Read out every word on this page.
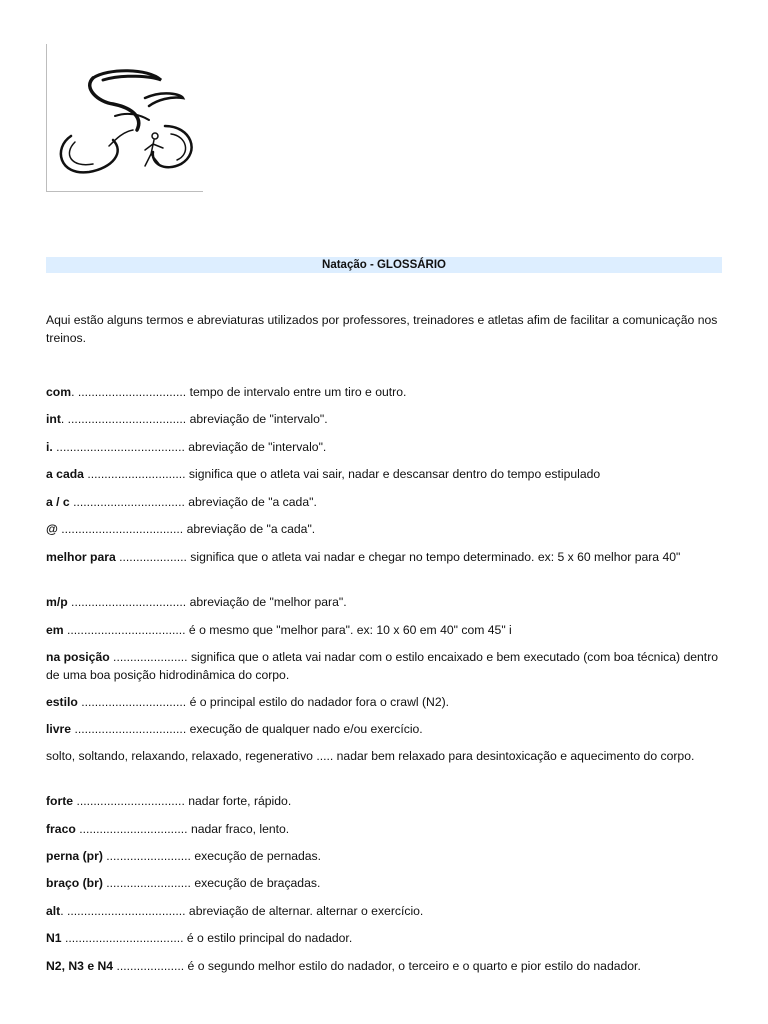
Natação - GLOSSÁRIO

Aqui estão alguns termos e abreviaturas utilizados por professores, treinadores e atletas afim de facilitar a comunicação nos treinos.

com. ................................ tempo de intervalo entre um tiro e outro.

int. ................................... abreviação de "intervalo".

i. ...................................... abreviação de "intervalo".

a cada ............................. significa que o atleta vai sair, nadar e descansar dentro do tempo estipulado

a / c ................................. abreviação de "a cada".

@ .................................... abreviação de "a cada".

melhor para .................... significa que o atleta vai nadar e chegar no tempo determinado. ex: 5 x 60 melhor para 40"

m/p .................................. abreviação de "melhor para".

em ................................... é o mesmo que "melhor para". ex: 10 x 60 em 40" com 45" i

na posição ...................... significa que o atleta vai nadar com o estilo encaixado e bem executado (com boa técnica) dentro de uma boa posição hidrodinâmica do corpo.

estilo ............................... é o principal estilo do nadador fora o crawl (N2).

livre ................................. execução de qualquer nado e/ou exercício.

solto, soltando, relaxando, relaxado, regenerativo ..... nadar bem relaxado para desintoxicação e aquecimento do corpo.

forte ................................ nadar forte, rápido.

fraco ................................ nadar fraco, lento.

perna (pr) ......................... execução de pernadas.

braço (br) ......................... execução de braçadas.

alt. ................................... abreviação de alternar. alternar o exercício.

N1 ................................... é o estilo principal do nadador.

N2, N3 e N4 .................... é o segundo melhor estilo do nadador, o terceiro e o quarto e pior estilo do nadador.
